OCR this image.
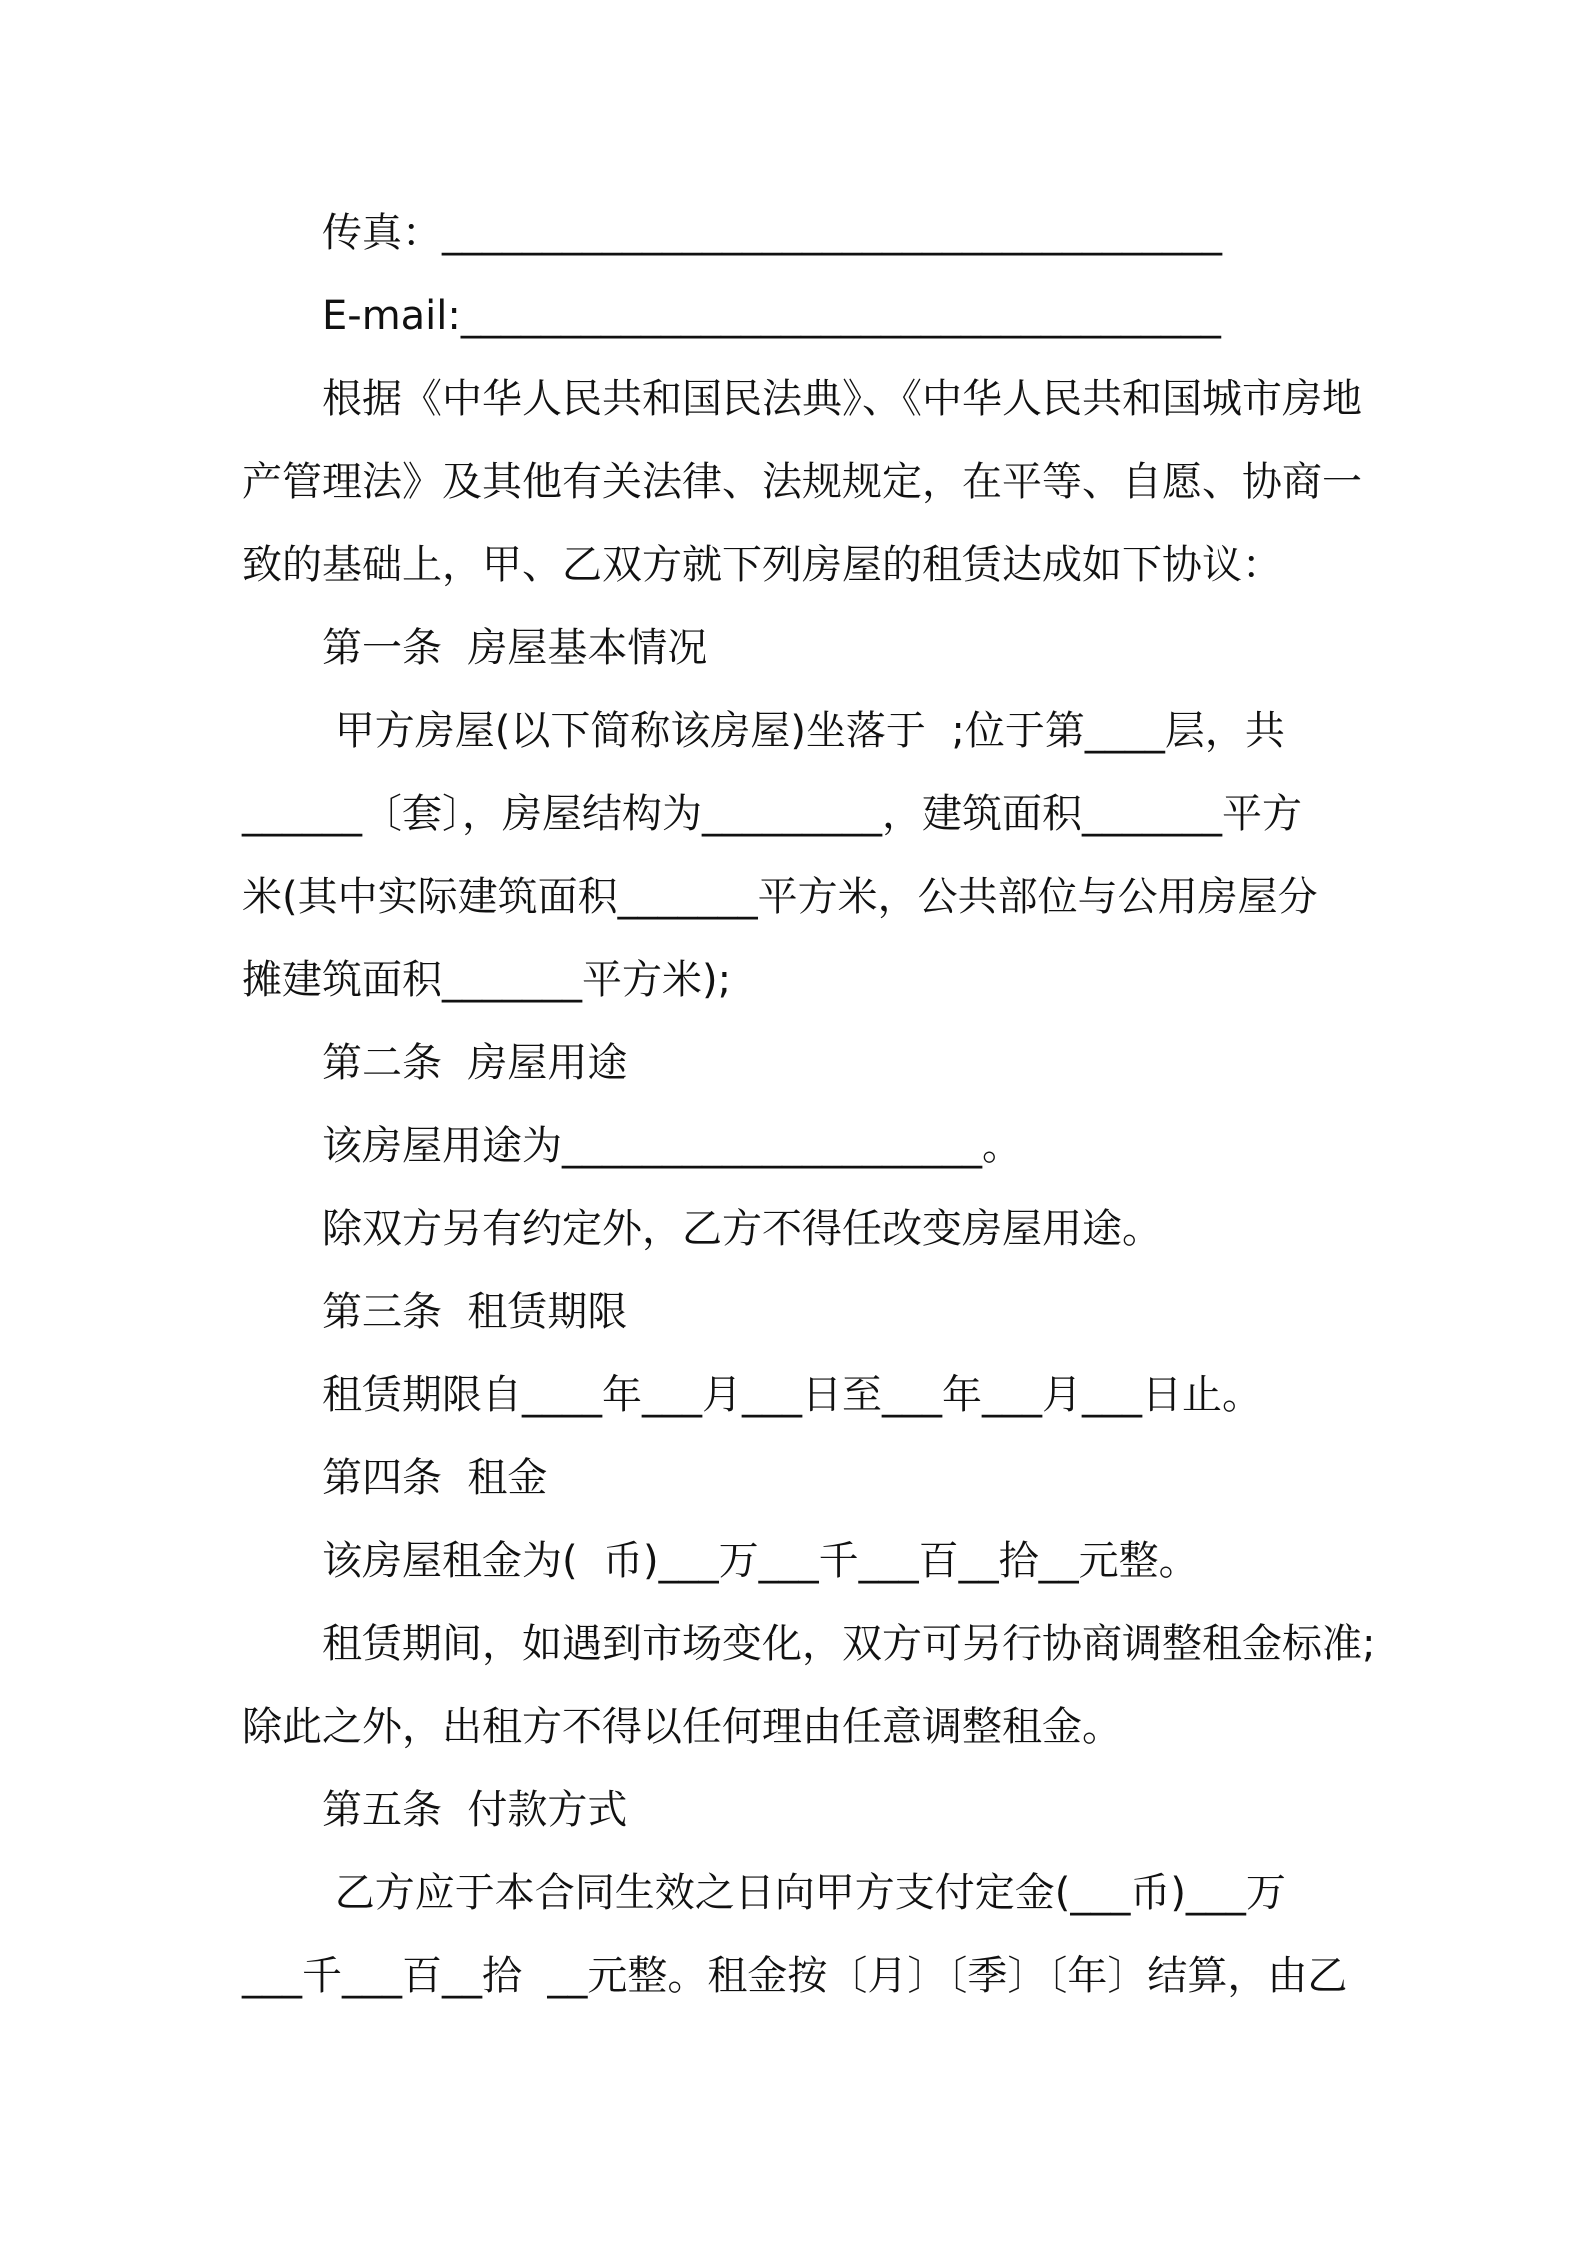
传真：_______________________________________

E-mail:______________________________________

根据《中华人民共和国民法典》、《中华人民共和国城市房地

产管理法》及其他有关法律、法规规定，在平等、自愿、协商一

致的基础上，甲、乙双方就下列房屋的租赁达成如下协议：

第一条  房屋基本情况

甲方房屋(以下简称该房屋)坐落于  ;位于第____层，共

______〔套〕，房屋结构为_________，建筑面积_______平方

米(其中实际建筑面积_______平方米，公共部位与公用房屋分

摊建筑面积_______平方米);

第二条  房屋用途

该房屋用途为_____________________。

除双方另有约定外，乙方不得任改变房屋用途。

第三条  租赁期限

租赁期限自____年___月___日至___年___月___日止。

第四条  租金

该房屋租金为(  币)___万___千___百__拾__元整。

租赁期间，如遇到市场变化，双方可另行协商调整租金标准;

除此之外，出租方不得以任何理由任意调整租金。

第五条  付款方式

乙方应于本合同生效之日向甲方支付定金(___币)___万

___千___百__拾  __元整。租金按〔月〕〔季〕〔年〕结算，由乙
